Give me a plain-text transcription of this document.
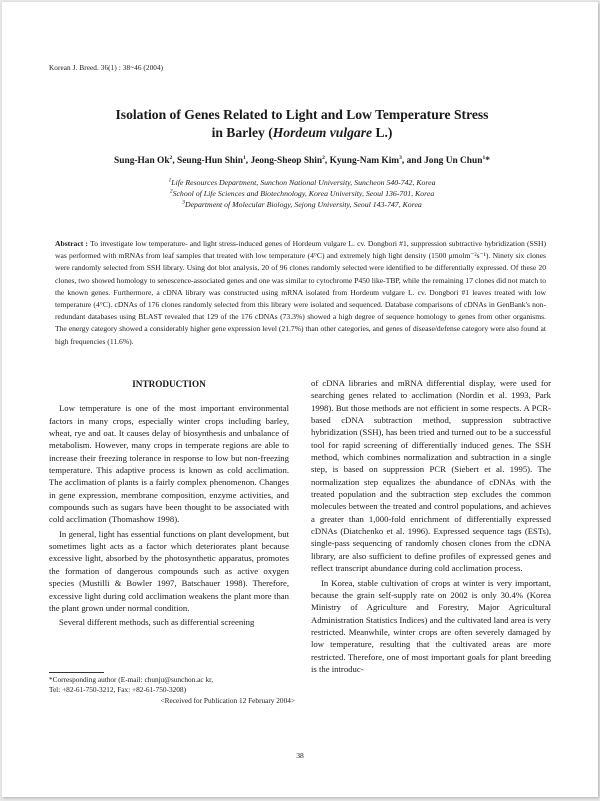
Korean J. Breed. 36(1) : 38~46 (2004)
Isolation of Genes Related to Light and Low Temperature Stress
in Barley (Hordeum vulgare L.)
Sung-Han Ok$^2$, Seung-Hun Shin$^1$, Jeong-Sheop Shin$^2$, Kyung-Nam Kim$^3$, and Jong Un Chun$^1$*
$^1$Life Resources Department, Sunchon National University, Suncheon 540-742, Korea
$^2$School of Life Sciences and Biotechnology, Korea University, Seoul 136-701, Korea
$^3$Department of Molecular Biology, Sejong University, Seoul 143-747, Korea
Abstract : To investigate low temperature- and light stress-induced genes of Hordeum vulgare L. cv. Dongbori #1, suppression subtractive hybridization (SSH) was performed with mRNAs from leaf samples that treated with low temperature (4°C) and extremely high light density (1500 μmolm⁻²s⁻¹). Ninety six clones were randomly selected from SSH library. Using dot blot analysis, 20 of 96 clones randomly selected were identified to be differentially expressed. Of these 20 clones, two showed homology to senescence-associated genes and one was similar to cytochrome P450 like-TBP, while the remaining 17 clones did not match to the known genes. Furthermore, a cDNA library was constructed using mRNA isolated from Hordeum vulgare L. cv. Dongbori #1 leaves treated with low temperature (4°C). cDNAs of 176 clones randomly selected from this library were isolated and sequenced. Database comparisons of cDNAs in GenBank's non-redundant databases using BLAST revealed that 129 of the 176 cDNAs (73.3%) showed a high degree of sequence homology to genes from other organisms. The energy category showed a considerably higher gene expression level (21.7%) than other categories, and genes of disease/defense category were also found at high frequencies (11.6%).
INTRODUCTION

Low temperature is one of the most important environmental factors in many crops, especially winter crops including barley, wheat, rye and oat. It causes delay of biosynthesis and unbalance of metabolism. However, many crops in temperate regions are able to increase their freezing tolerance in response to low but non-freezing temperature. This adaptive process is known as cold acclimation. The acclimation of plants is a fairly complex phenomenon. Changes in gene expression, membrane composition, enzyme activities, and compounds such as sugars have been thought to be associated with cold acclimation (Thomashow 1998).

In general, light has essential functions on plant development, but sometimes light acts as a factor which deteriorates plant because excessive light, absorbed by the photosynthetic apparatus, promotes the formation of dangerous compounds such as active oxygen species (Mustilli & Bowler 1997, Batschauer 1998). Therefore, excessive light during cold acclimation weakens the plant more than the plant grown under normal condition.

Several different methods, such as differential screening

of cDNA libraries and mRNA differential display, were used for searching genes related to acclimation (Nordin et al. 1993, Park 1998). But those methods are not efficient in some respects. A PCR-based cDNA subtraction method, suppression subtractive hybridization (SSH), has been tried and turned out to be a successful tool for rapid screening of differentially induced genes. The SSH method, which combines normalization and subtraction in a single step, is based on suppression PCR (Siebert et al. 1995). The normalization step equalizes the abundance of cDNAs with the treated population and the subtraction step excludes the common molecules between the treated and control populations, and achieves a greater than 1,000-fold enrichment of differentially expressed cDNAs (Diatchenko et al. 1996). Expressed sequence tags (ESTs), single-pass sequencing of randomly chosen clones from the cDNA library, are also sufficient to define profiles of expressed genes and reflect transcript abundance during cold acclimation process.

In Korea, stable cultivation of crops at winter is very important, because the grain self-supply rate on 2002 is only 30.4% (Korea Ministry of Agriculture and Forestry, Major Agricultural Administration Statistics Indices) and the cultivated land area is very restricted. Meanwhile, winter crops are often severely damaged by low temperature, resulting that the cultivated areas are more restricted. Therefore, one of most important goals for plant breeding is the introduc-

*Corresponding author (E-mail: chunju@sunchon.ac kr,
Tel: +82-61-750-3212, Fax: +82-61-750-3208)
<Received for Publication 12 February 2004>
38
